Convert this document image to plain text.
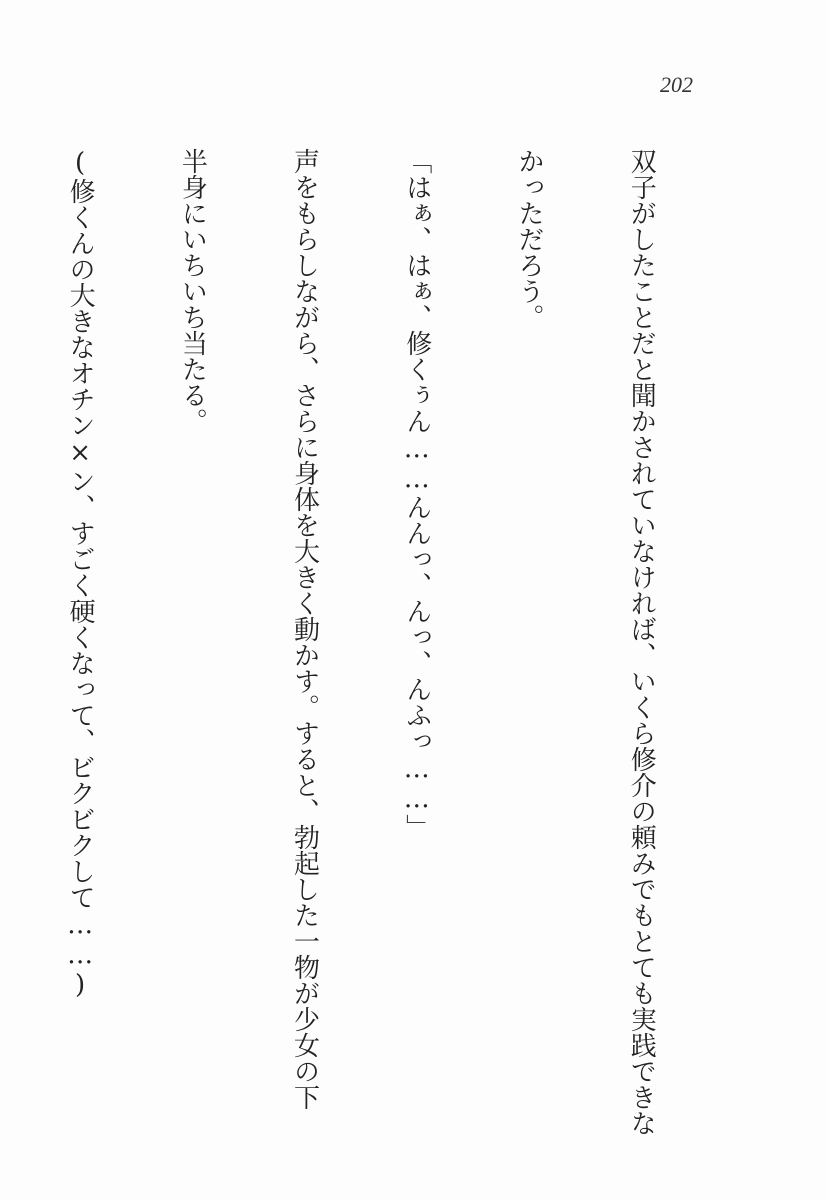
202

双子がしたことだと聞かされていなければ、いくら修介の頼みでもとても実践できな

かっただろう。

「はぁ、はぁ、修くぅん……んんっ、んっ、んふっ……」

声をもらしながら、さらに身体を大きく動かす。すると、勃起した一物が少女の下

半身にいちいち当たる。

(修くんの大きなオチン×ン、すごく硬くなって、ビクビクして……)
